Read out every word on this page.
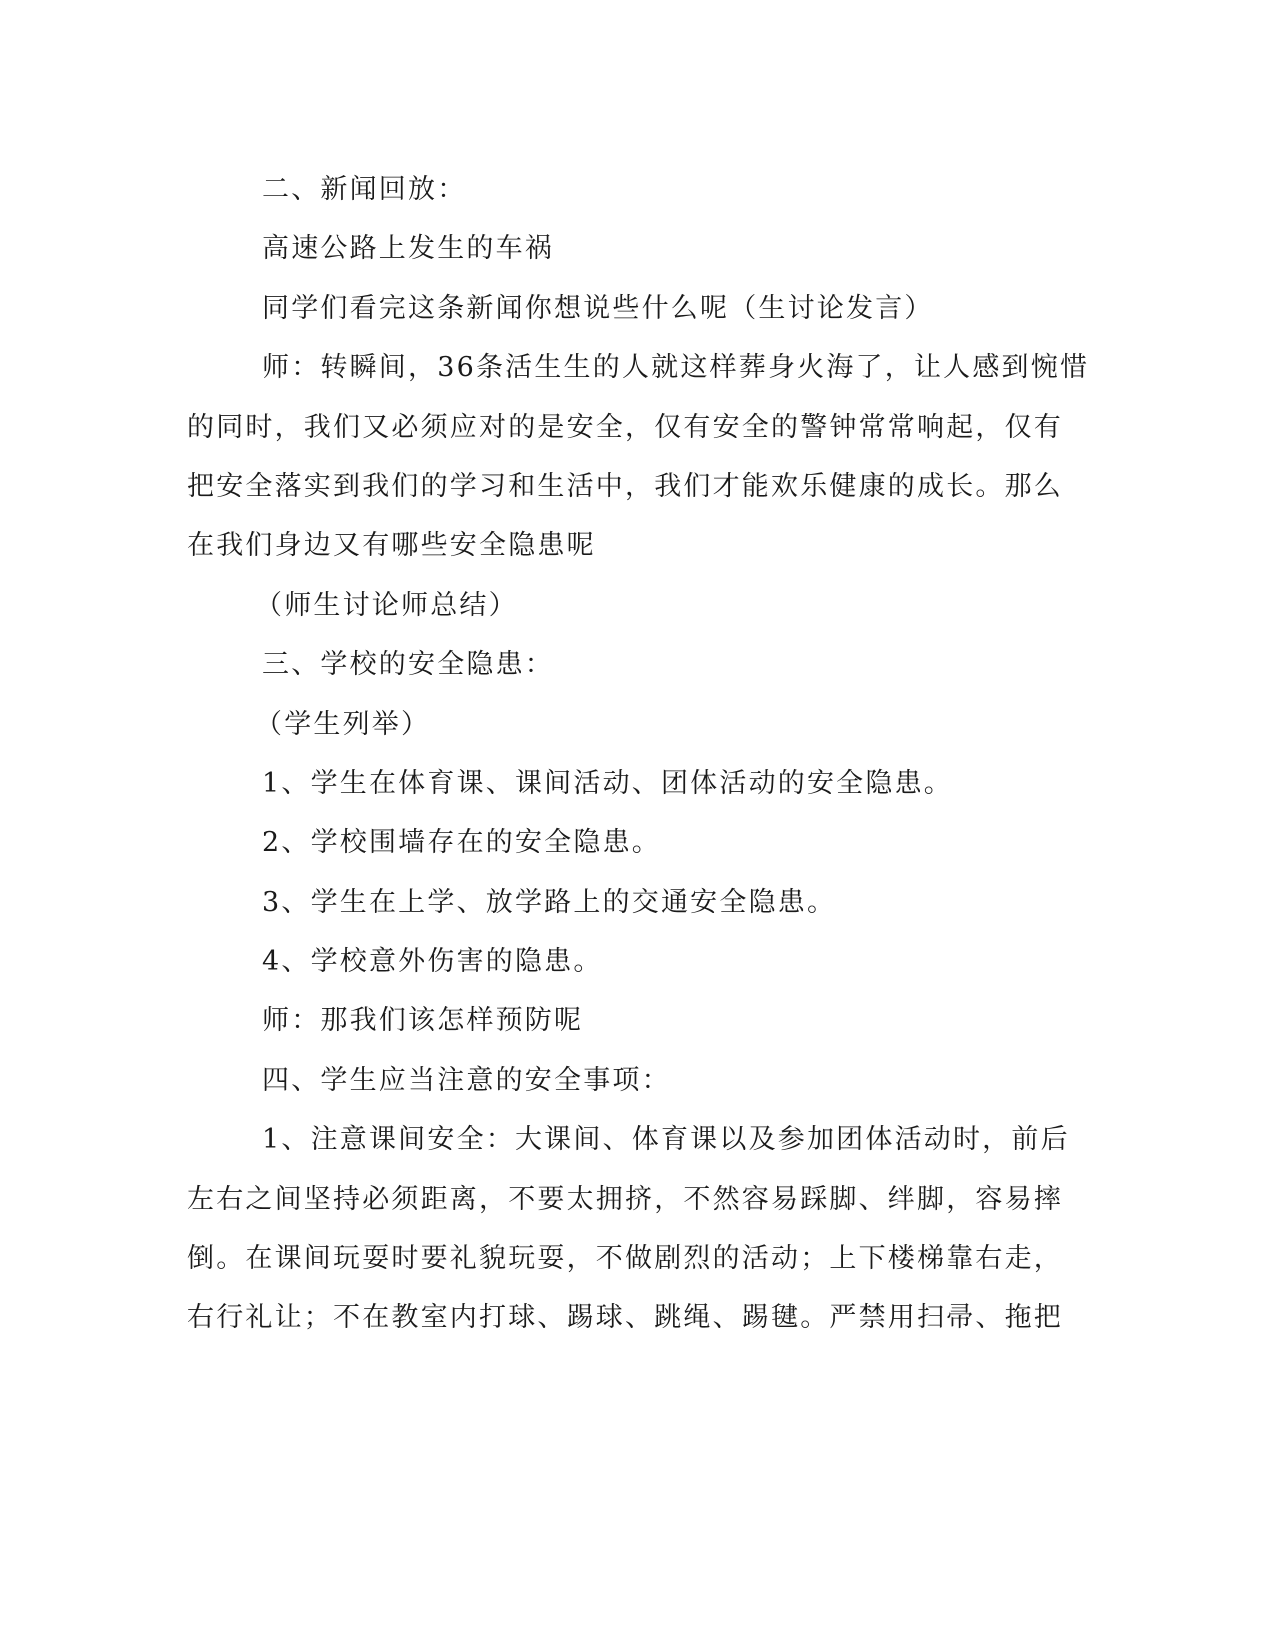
二、新闻回放：

高速公路上发生的车祸

同学们看完这条新闻你想说些什么呢（生讨论发言）

师：转瞬间，36条活生生的人就这样葬身火海了，让人感到惋惜

的同时，我们又必须应对的是安全，仅有安全的警钟常常响起，仅有

把安全落实到我们的学习和生活中，我们才能欢乐健康的成长。那么

在我们身边又有哪些安全隐患呢

（师生讨论师总结）

三、学校的安全隐患：

（学生列举）

1、学生在体育课、课间活动、团体活动的安全隐患。

2、学校围墙存在的安全隐患。

3、学生在上学、放学路上的交通安全隐患。

4、学校意外伤害的隐患。

师：那我们该怎样预防呢

四、学生应当注意的安全事项：

1、注意课间安全：大课间、体育课以及参加团体活动时，前后

左右之间坚持必须距离，不要太拥挤，不然容易踩脚、绊脚，容易摔

倒。在课间玩耍时要礼貌玩耍，不做剧烈的活动；上下楼梯靠右走，

右行礼让；不在教室内打球、踢球、跳绳、踢毽。严禁用扫帚、拖把
